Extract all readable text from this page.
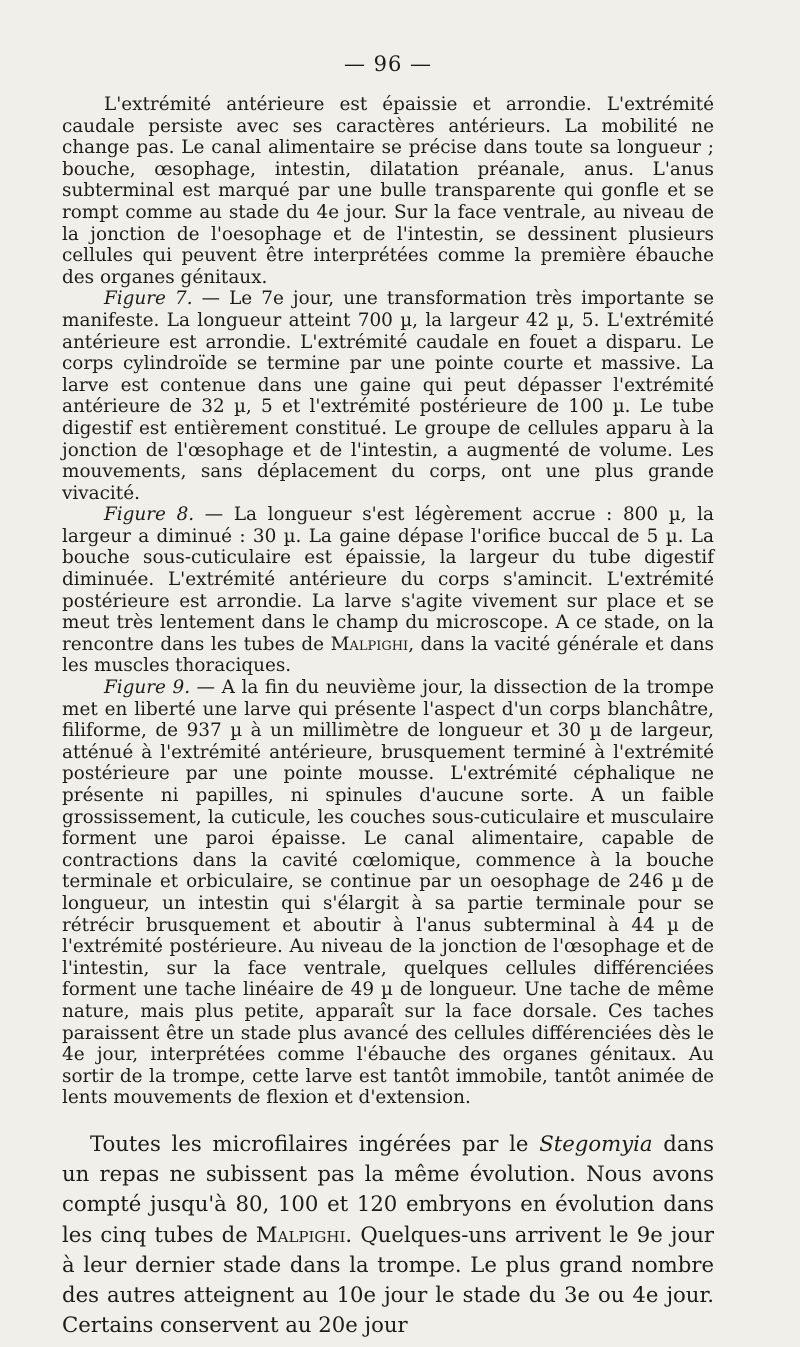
— 96 —

L'extrémité antérieure est épaissie et arrondie. L'extrémité caudale persiste avec ses caractères antérieurs. La mobilité ne change pas. Le canal alimentaire se précise dans toute sa longueur ; bouche, œsophage, intestin, dilatation préanale, anus. L'anus subterminal est marqué par une bulle transparente qui gonfle et se rompt comme au stade du 4e jour. Sur la face ventrale, au niveau de la jonction de l'oesophage et de l'intestin, se dessinent plusieurs cellules qui peuvent être interprétées comme la première ébauche des organes génitaux.

Figure 7. — Le 7e jour, une transformation très importante se manifeste. La longueur atteint 700 µ, la largeur 42 µ, 5. L'extrémité antérieure est arrondie. L'extrémité caudale en fouet a disparu. Le corps cylindroïde se termine par une pointe courte et massive. La larve est contenue dans une gaine qui peut dépasser l'extrémité antérieure de 32 µ, 5 et l'extrémité postérieure de 100 µ. Le tube digestif est entièrement constitué. Le groupe de cellules apparu à la jonction de l'œsophage et de l'intestin, a augmenté de volume. Les mouvements, sans déplacement du corps, ont une plus grande vivacité.

Figure 8. — La longueur s'est légèrement accrue : 800 µ, la largeur a diminué : 30 µ. La gaine dépase l'orifice buccal de 5 µ. La bouche sous-cuticulaire est épaissie, la largeur du tube digestif diminuée. L'extrémité antérieure du corps s'amincit. L'extrémité postérieure est arrondie. La larve s'agite vivement sur place et se meut très lentement dans le champ du microscope. A ce stade, on la rencontre dans les tubes de Malpighi, dans la vacité générale et dans les muscles thoraciques.

Figure 9. — A la fin du neuvième jour, la dissection de la trompe met en liberté une larve qui présente l'aspect d'un corps blanchâtre, filiforme, de 937 µ à un millimètre de longueur et 30 µ de largeur, atténué à l'extrémité antérieure, brusquement terminé à l'extrémité postérieure par une pointe mousse. L'extrémité céphalique ne présente ni papilles, ni spinules d'aucune sorte. A un faible grossissement, la cuticule, les couches sous-cuticulaire et musculaire forment une paroi épaisse. Le canal alimentaire, capable de contractions dans la cavité cœlomique, commence à la bouche terminale et orbiculaire, se continue par un oesophage de 246 µ de longueur, un intestin qui s'élargit à sa partie terminale pour se rétrécir brusquement et aboutir à l'anus subterminal à 44 µ de l'extrémité postérieure. Au niveau de la jonction de l'œsophage et de l'intestin, sur la face ventrale, quelques cellules différenciées forment une tache linéaire de 49 µ de longueur. Une tache de même nature, mais plus petite, apparaît sur la face dorsale. Ces taches paraissent être un stade plus avancé des cellules différenciées dès le 4e jour, interprétées comme l'ébauche des organes génitaux. Au sortir de la trompe, cette larve est tantôt immobile, tantôt animée de lents mouvements de flexion et d'extension.

Toutes les microfilaires ingérées par le Stegomyia dans un repas ne subissent pas la même évolution. Nous avons compté jusqu'à 80, 100 et 120 embryons en évolution dans les cinq tubes de Malpighi. Quelques-uns arrivent le 9e jour à leur dernier stade dans la trompe. Le plus grand nombre des autres atteignent au 10e jour le stade du 3e ou 4e jour. Certains conservent au 20e jour
